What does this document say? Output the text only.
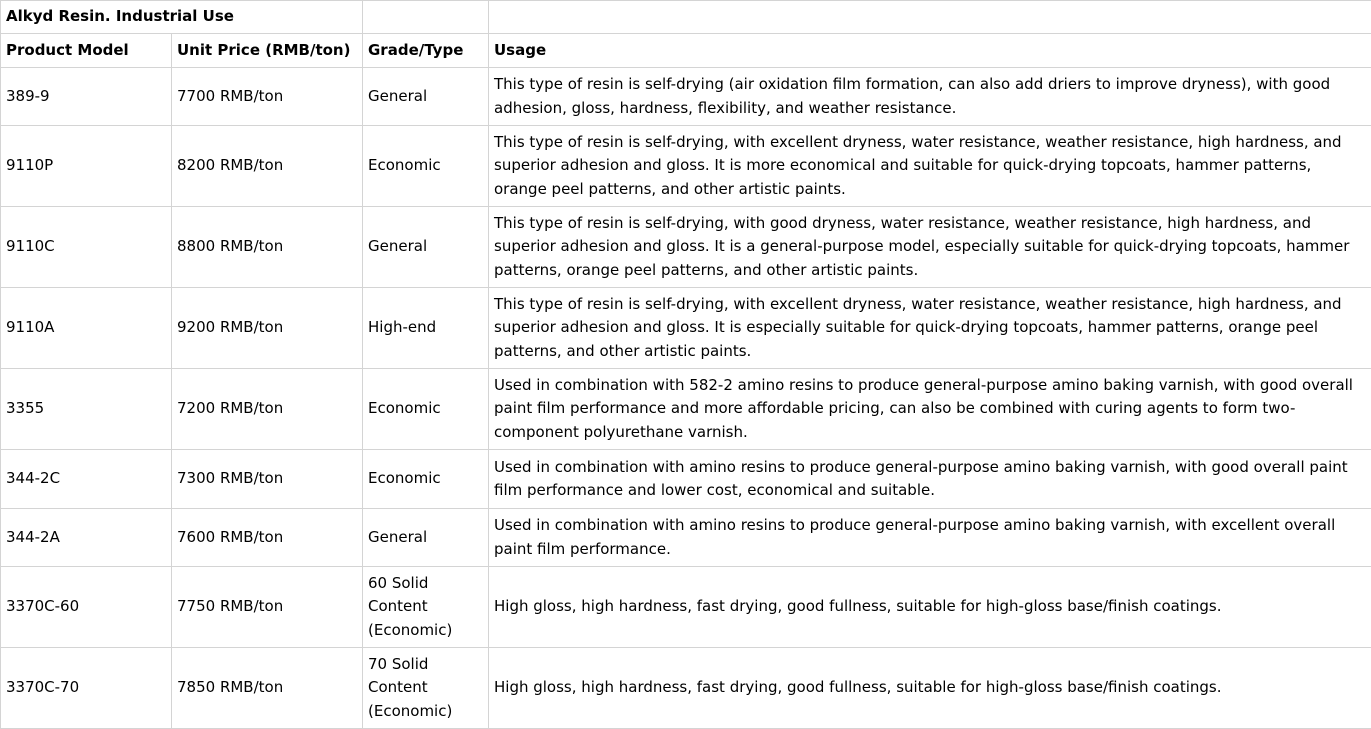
Alkyd Resin. Industrial Use			
Product Model	Unit Price (RMB/ton)	Grade/Type	Usage
389-9	7700 RMB/ton	General	This type of resin is self-drying (air oxidation film formation, can also add driers to improve dryness), with good adhesion, gloss, hardness, flexibility, and weather resistance.
9110P	8200 RMB/ton	Economic	This type of resin is self-drying, with excellent dryness, water resistance, weather resistance, high hardness, and superior adhesion and gloss. It is more economical and suitable for quick-drying topcoats, hammer patterns, orange peel patterns, and other artistic paints.
9110C	8800 RMB/ton	General	This type of resin is self-drying, with good dryness, water resistance, weather resistance, high hardness, and superior adhesion and gloss. It is a general-purpose model, especially suitable for quick-drying topcoats, hammer patterns, orange peel patterns, and other artistic paints.
9110A	9200 RMB/ton	High-end	This type of resin is self-drying, with excellent dryness, water resistance, weather resistance, high hardness, and superior adhesion and gloss. It is especially suitable for quick-drying topcoats, hammer patterns, orange peel patterns, and other artistic paints.
3355	7200 RMB/ton	Economic	Used in combination with 582-2 amino resins to produce general-purpose amino baking varnish, with good overall paint film performance and more affordable pricing, can also be combined with curing agents to form two-component polyurethane varnish.
344-2C	7300 RMB/ton	Economic	Used in combination with amino resins to produce general-purpose amino baking varnish, with good overall paint film performance and lower cost, economical and suitable.
344-2A	7600 RMB/ton	General	Used in combination with amino resins to produce general-purpose amino baking varnish, with excellent overall paint film performance.
3370C-60	7750 RMB/ton	60 Solid Content (Economic)	High gloss, high hardness, fast drying, good fullness, suitable for high-gloss base/finish coatings.
3370C-70	7850 RMB/ton	70 Solid Content (Economic)	High gloss, high hardness, fast drying, good fullness, suitable for high-gloss base/finish coatings.
